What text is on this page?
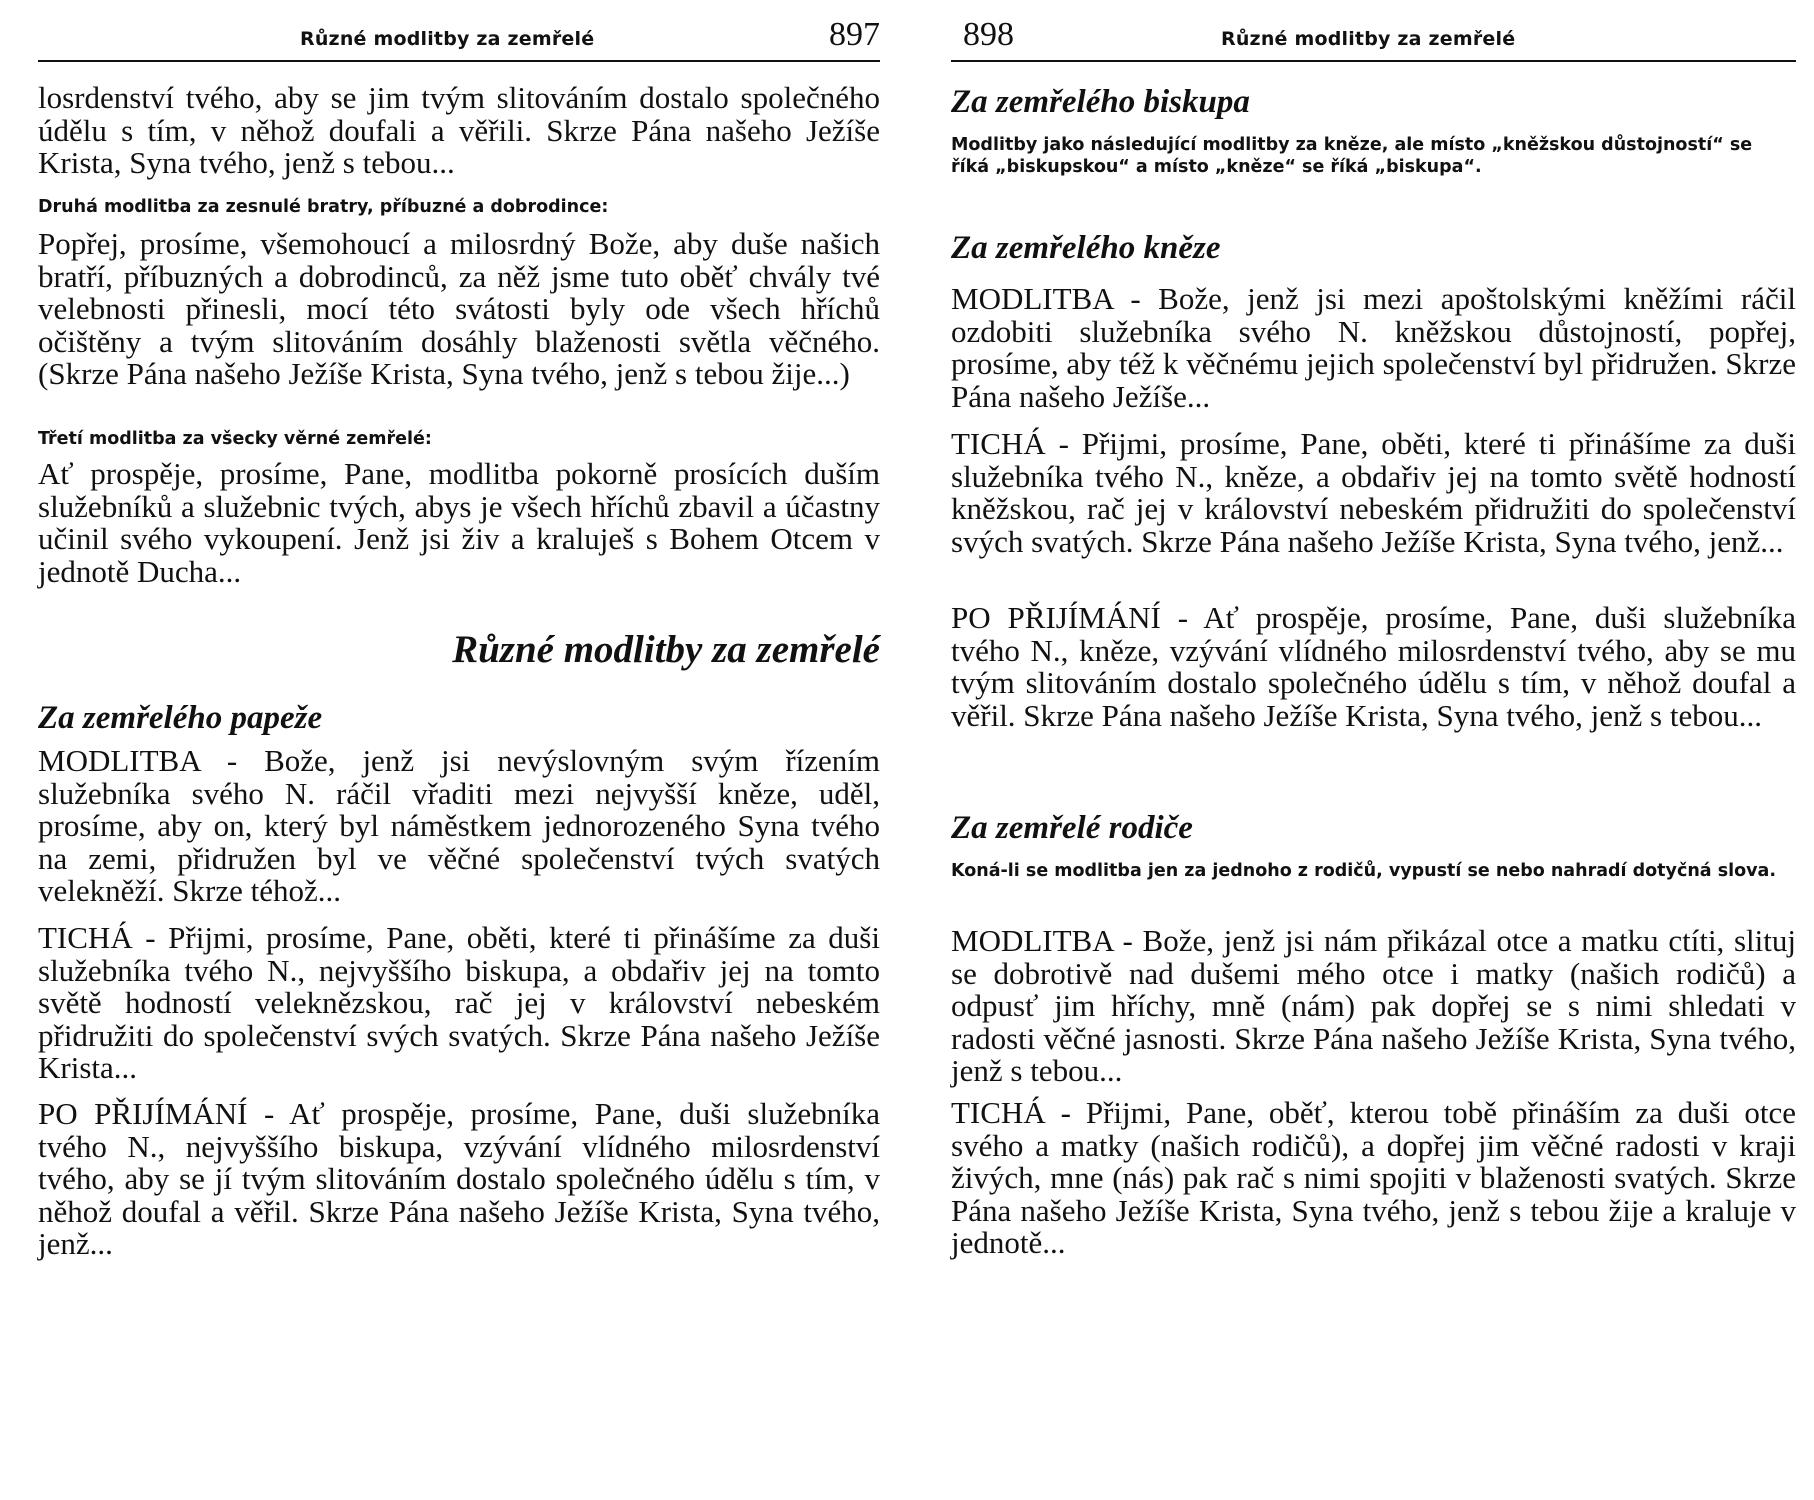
Různé modlitby za zemřelé	897

losrdenství tvého, aby se jim tvým slitováním dostalo společného údělu s tím, v něhož doufali a věřili. Skrze Pána našeho Ježíše Krista, Syna tvého, jenž s tebou...

Druhá modlitba za zesnulé bratry, příbuzné a dobrodince:

Popřej, prosíme, všemohoucí a milosrdný Bože, aby duše našich bratří, příbuzných a dobrodinců, za něž jsme tuto oběť chvály tvé velebnosti přinesli, mocí této svátosti byly ode všech hříchů očištěny a tvým slitováním dosáhly blaženosti světla věčného. (Skrze Pána našeho Ježíše Krista, Syna tvého, jenž s tebou žije...)

Třetí modlitba za všecky věrné zemřelé:

Ať prospěje, prosíme, Pane, modlitba pokorně prosících duším služebníků a služebnic tvých, abys je všech hříchů zbavil a účastny učinil svého vykoupení. Jenž jsi živ a kraluješ s Bohem Otcem v jednotě Ducha...

Různé modlitby za zemřelé

Za zemřelého papeže

MODLITBA - Bože, jenž jsi nevýslovným svým řízením služebníka svého N. ráčil vřaditi mezi nejvyšší kněze, uděl, prosíme, aby on, který byl náměstkem jednorozeného Syna tvého na zemi, přidružen byl ve věčné společenství tvých svatých velekněží. Skrze téhož...

TICHÁ - Přijmi, prosíme, Pane, oběti, které ti přinášíme za duši služebníka tvého N., nejvyššího biskupa, a obdařiv jej na tomto světě hodností veleknězskou, rač jej v království nebeském přidružiti do společenství svých svatých. Skrze Pána našeho Ježíše Krista...

PO PŘIJÍMÁNÍ - Ať prospěje, prosíme, Pane, duši služebníka tvého N., nejvyššího biskupa, vzývání vlídného milosrdenství tvého, aby se jí tvým slitováním dostalo společného údělu s tím, v něhož doufal a věřil. Skrze Pána našeho Ježíše Krista, Syna tvého, jenž...

898	Různé modlitby za zemřelé

Za zemřelého biskupa

Modlitby jako následující modlitby za kněze, ale místo „kněžskou důstojností“ se říká „biskupskou“ a místo „kněze“ se říká „biskupa“.

Za zemřelého kněze

MODLITBA - Bože, jenž jsi mezi apoštolskými kněžími ráčil ozdobiti služebníka svého N. kněžskou důstojností, popřej, prosíme, aby též k věčnému jejich společenství byl přidružen. Skrze Pána našeho Ježíše...

TICHÁ - Přijmi, prosíme, Pane, oběti, které ti přinášíme za duši služebníka tvého N., kněze, a obdařiv jej na tomto světě hodností kněžskou, rač jej v království nebeském přidružiti do společenství svých svatých. Skrze Pána našeho Ježíše Krista, Syna tvého, jenž...

PO PŘIJÍMÁNÍ - Ať prospěje, prosíme, Pane, duši služebníka tvého N., kněze, vzývání vlídného milosrdenství tvého, aby se mu tvým slitováním dostalo společného údělu s tím, v něhož doufal a věřil. Skrze Pána našeho Ježíše Krista, Syna tvého, jenž s tebou...

Za zemřelé rodiče

Koná-li se modlitba jen za jednoho z rodičů, vypustí se nebo nahradí dotyčná slova.

MODLITBA - Bože, jenž jsi nám přikázal otce a matku ctíti, slituj se dobrotivě nad dušemi mého otce i matky (našich rodičů) a odpusť jim hříchy, mně (nám) pak dopřej se s nimi shledati v radosti věčné jasnosti. Skrze Pána našeho Ježíše Krista, Syna tvého, jenž s tebou...

TICHÁ - Přijmi, Pane, oběť, kterou tobě přináším za duši otce svého a matky (našich rodičů), a dopřej jim věčné radosti v kraji živých, mne (nás) pak rač s nimi spojiti v blaženosti svatých. Skrze Pána našeho Ježíše Krista, Syna tvého, jenž s tebou žije a kraluje v jednotě...
